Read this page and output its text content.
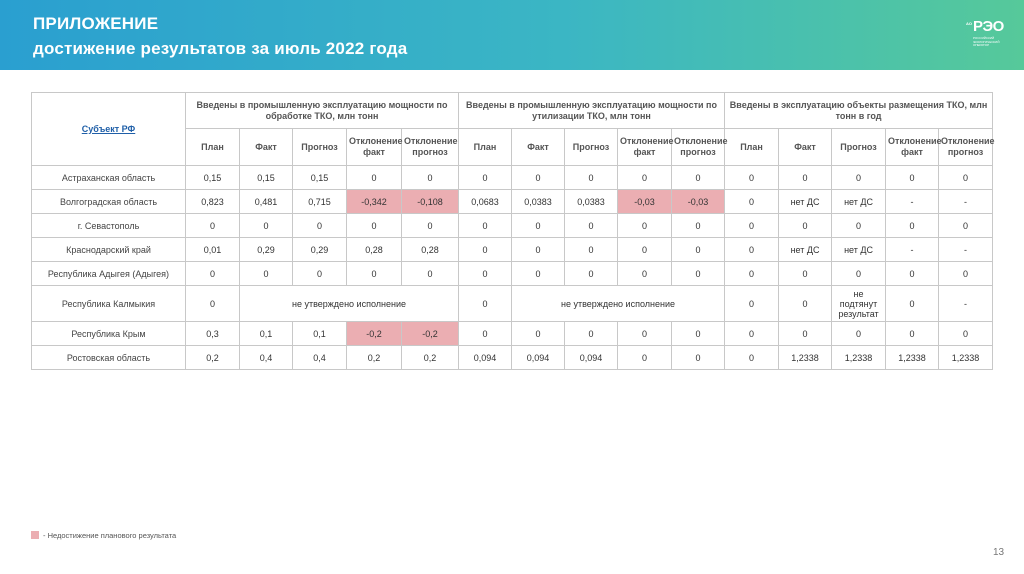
ПРИЛОЖЕНИЕ
достижение результатов за июль 2022 года
АО РЭО
РОССИЙСКИЙ ЭКОЛОГИЧЕСКИЙ ОПЕРАТОР
Субъект РФ	Введены в промышленную эксплуатацию мощности по обработке ТКО, млн тонн					Введены в промышленную эксплуатацию мощности по утилизации ТКО, млн тонн					Введены в эксплуатацию объекты размещения ТКО, млн тонн в год				
	План	Факт	Прогноз	Отклонение факт	Отклонение прогноз	План	Факт	Прогноз	Отклонение факт	Отклонение прогноз	План	Факт	Прогноз	Отклонение факт	Отклонение прогноз
Астраханская область	0,15	0,15	0,15	0	0	0	0	0	0	0	0	0	0	0	0
Волгоградская область	0,823	0,481	0,715	-0,342	-0,108	0,0683	0,0383	0,0383	-0,03	-0,03	0	нет ДС	нет ДС	-	-
г. Севастополь	0	0	0	0	0	0	0	0	0	0	0	0	0	0	0
Краснодарский край	0,01	0,29	0,29	0,28	0,28	0	0	0	0	0	0	нет ДС	нет ДС	-	-
Республика Адыгея (Адыгея)	0	0	0	0	0	0	0	0	0	0	0	0	0	0	0
Республика Калмыкия	0	не утверждено исполнение				0	не утверждено исполнение				0	0	не подтянут результат	0	-
Республика Крым	0,3	0,1	0,1	-0,2	-0,2	0	0	0	0	0	0	0	0	0	0
Ростовская область	0,2	0,4	0,4	0,2	0,2	0,094	0,094	0,094	0	0	0	1,2338	1,2338	1,2338	1,2338
- Недостижение планового результата
13
